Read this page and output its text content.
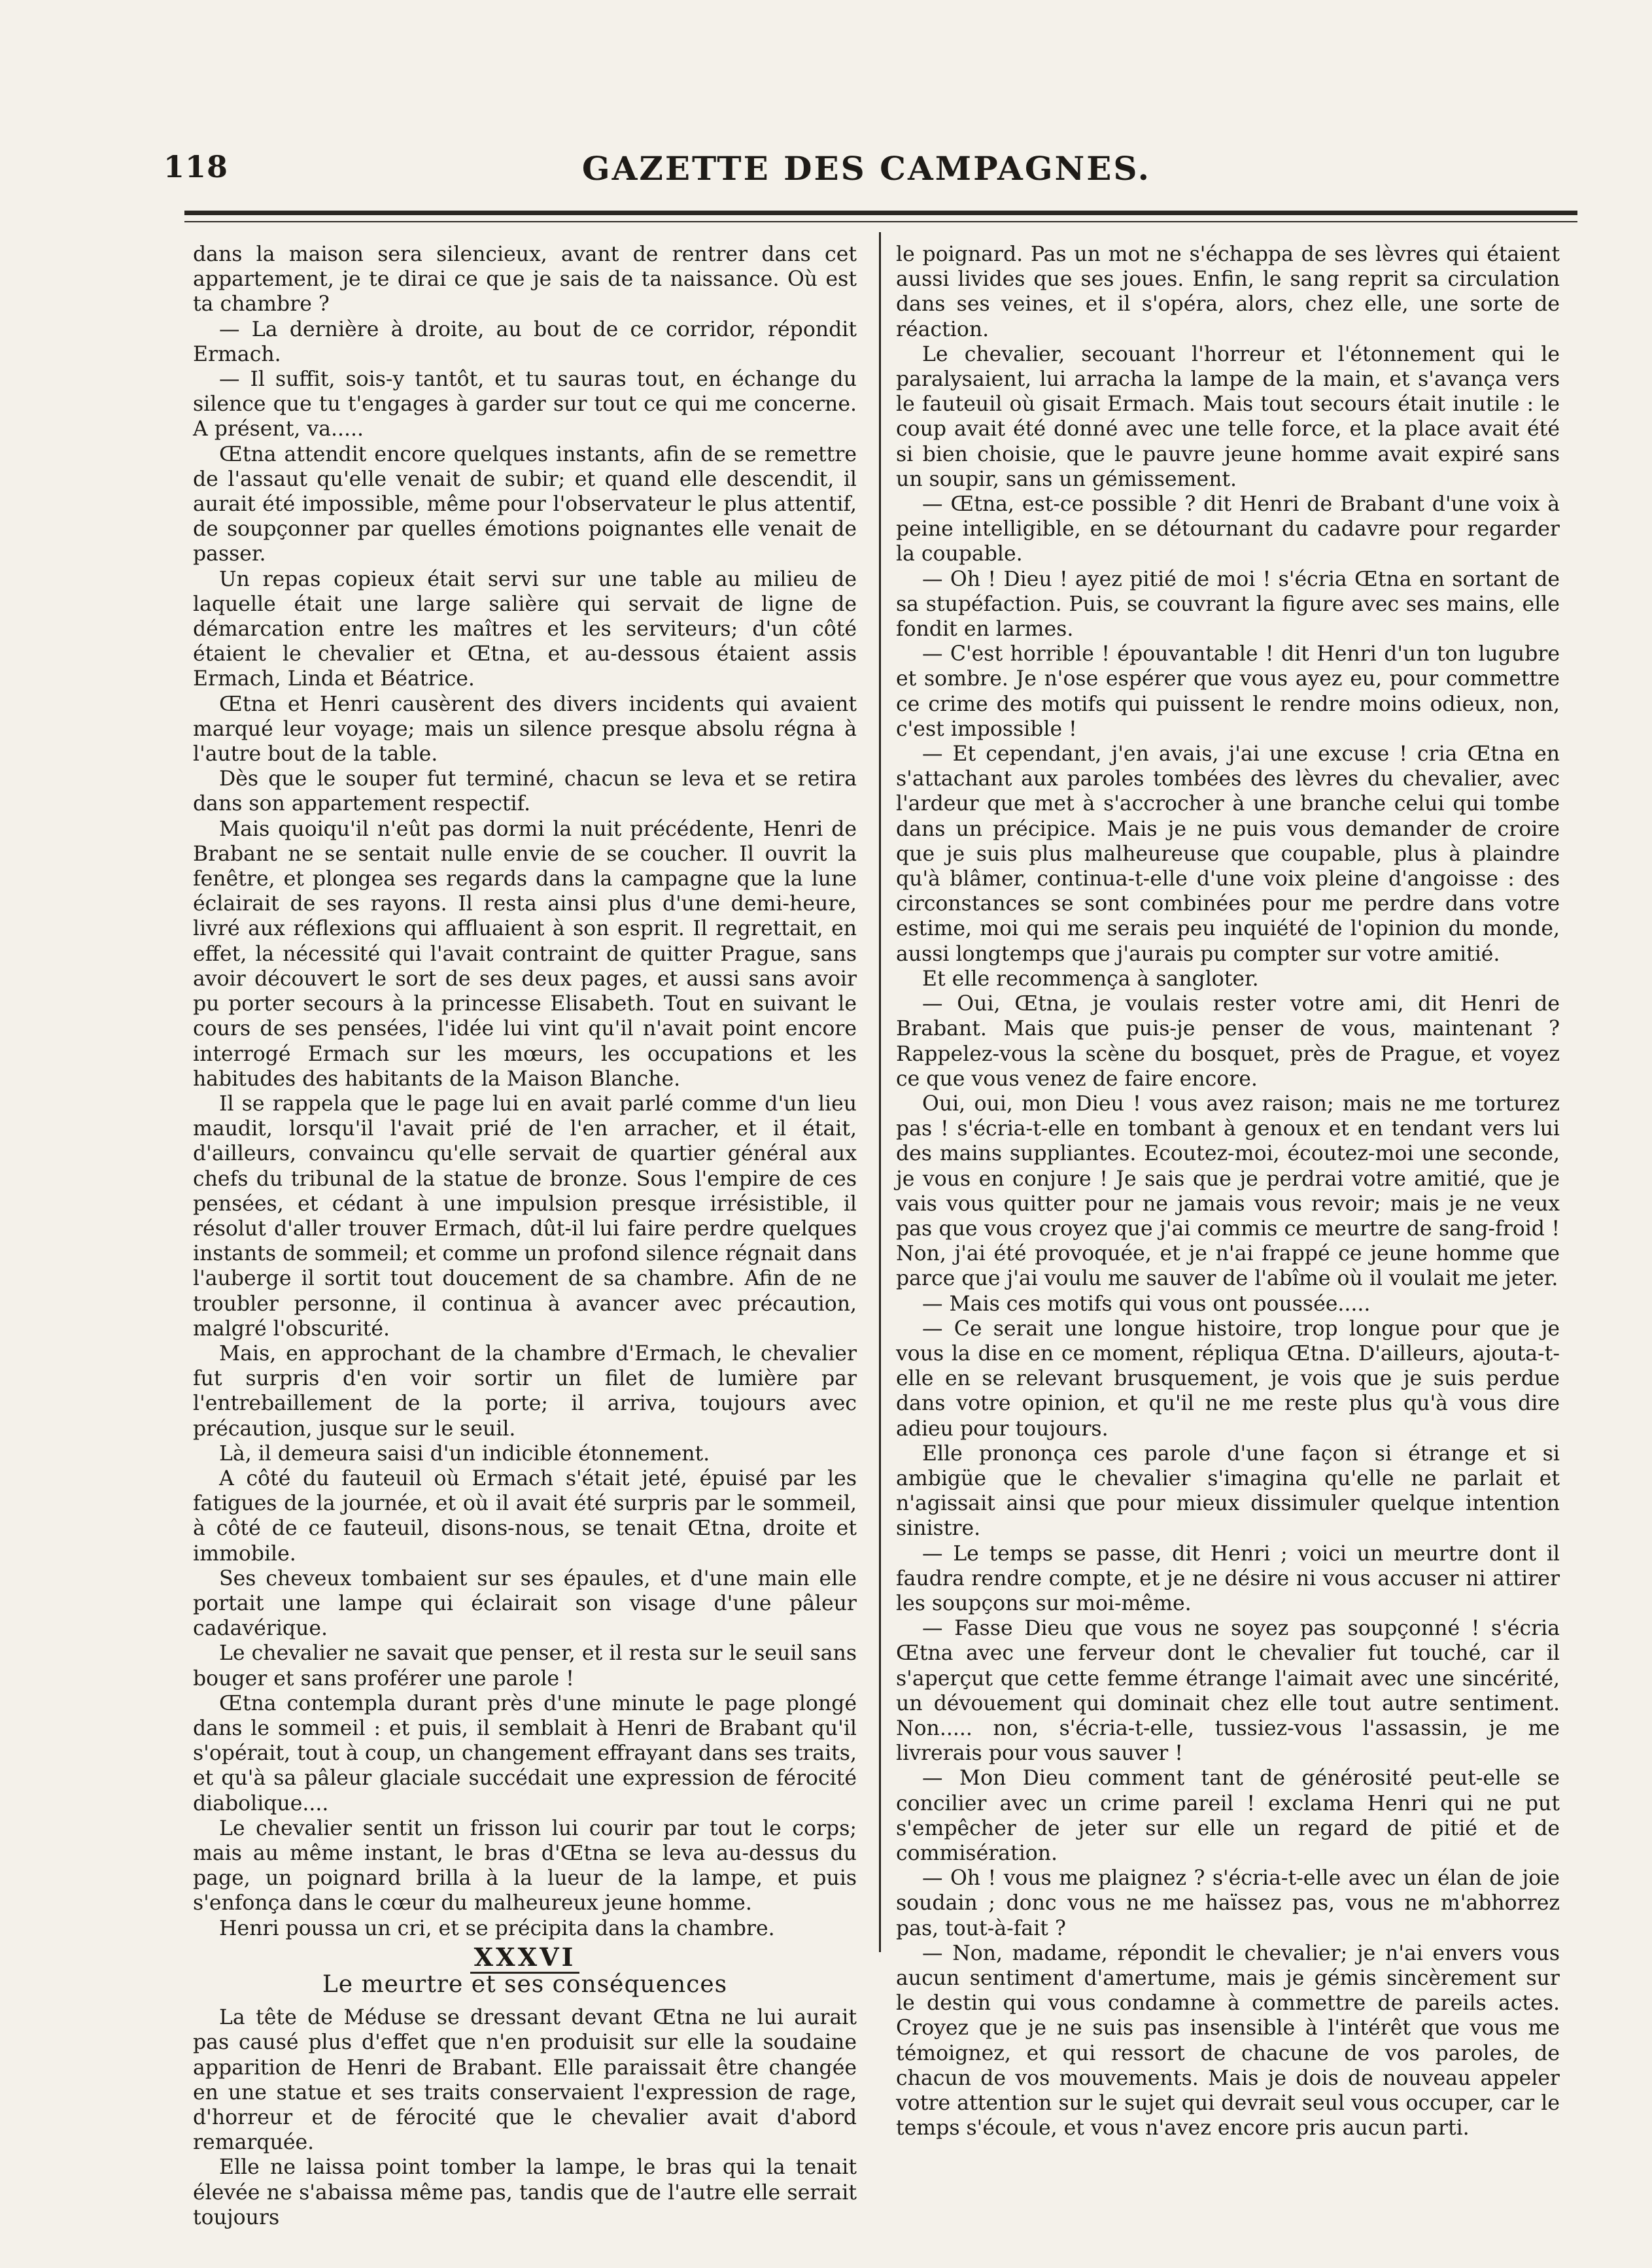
118	GAZETTE DES CAMPAGNES.

dans la maison sera silencieux, avant de rentrer dans cet appartement, je te dirai ce que je sais de ta naissance. Où est ta chambre ?

— La dernière à droite, au bout de ce corridor, répondit Ermach.

— Il suffit, sois-y tantôt, et tu sauras tout, en échange du silence que tu t'engages à garder sur tout ce qui me concerne. A présent, va.....

Œtna attendit encore quelques instants, afin de se remettre de l'assaut qu'elle venait de subir; et quand elle descendit, il aurait été impossible, même pour l'observateur le plus attentif, de soupçonner par quelles émotions poignantes elle venait de passer.

Un repas copieux était servi sur une table au milieu de laquelle était une large salière qui servait de ligne de démarcation entre les maîtres et les serviteurs; d'un côté étaient le chevalier et Œtna, et au-dessous étaient assis Ermach, Linda et Béatrice.

Œtna et Henri causèrent des divers incidents qui avaient marqué leur voyage; mais un silence presque absolu régna à l'autre bout de la table.

Dès que le souper fut terminé, chacun se leva et se retira dans son appartement respectif.

Mais quoiqu'il n'eût pas dormi la nuit précédente, Henri de Brabant ne se sentait nulle envie de se coucher. Il ouvrit la fenêtre, et plongea ses regards dans la campagne que la lune éclairait de ses rayons. Il resta ainsi plus d'une demi-heure, livré aux réflexions qui affluaient à son esprit. Il regrettait, en effet, la nécessité qui l'avait contraint de quitter Prague, sans avoir découvert le sort de ses deux pages, et aussi sans avoir pu porter secours à la princesse Elisabeth. Tout en suivant le cours de ses pensées, l'idée lui vint qu'il n'avait point encore interrogé Ermach sur les mœurs, les occupations et les habitudes des habitants de la Maison Blanche.

Il se rappela que le page lui en avait parlé comme d'un lieu maudit, lorsqu'il l'avait prié de l'en arracher, et il était, d'ailleurs, convaincu qu'elle servait de quartier général aux chefs du tribunal de la statue de bronze. Sous l'empire de ces pensées, et cédant à une impulsion presque irrésistible, il résolut d'aller trouver Ermach, dût-il lui faire perdre quelques instants de sommeil; et comme un profond silence régnait dans l'auberge il sortit tout doucement de sa chambre. Afin de ne troubler personne, il continua à avancer avec précaution, malgré l'obscurité.

Mais, en approchant de la chambre d'Ermach, le chevalier fut surpris d'en voir sortir un filet de lumière par l'entrebaillement de la porte; il arriva, toujours avec précaution, jusque sur le seuil.

Là, il demeura saisi d'un indicible étonnement.

A côté du fauteuil où Ermach s'était jeté, épuisé par les fatigues de la journée, et où il avait été surpris par le sommeil, à côté de ce fauteuil, disons-nous, se tenait Œtna, droite et immobile.

Ses cheveux tombaient sur ses épaules, et d'une main elle portait une lampe qui éclairait son visage d'une pâleur cadavérique.

Le chevalier ne savait que penser, et il resta sur le seuil sans bouger et sans proférer une parole !

Œtna contempla durant près d'une minute le page plongé dans le sommeil : et puis, il semblait à Henri de Brabant qu'il s'opérait, tout à coup, un changement effrayant dans ses traits, et qu'à sa pâleur glaciale succédait une expression de férocité diabolique....

Le chevalier sentit un frisson lui courir par tout le corps; mais au même instant, le bras d'Œtna se leva au-dessus du page, un poignard brilla à la lueur de la lampe, et puis s'enfonça dans le cœur du malheureux jeune homme.

Henri poussa un cri, et se précipita dans la chambre.

XXXVI

Le meurtre et ses conséquences

La tête de Méduse se dressant devant Œtna ne lui aurait pas causé plus d'effet que n'en produisit sur elle la soudaine apparition de Henri de Brabant. Elle paraissait être changée en une statue et ses traits conservaient l'expression de rage, d'horreur et de férocité que le chevalier avait d'abord remarquée.

Elle ne laissa point tomber la lampe, le bras qui la tenait élevée ne s'abaissa même pas, tandis que de l'autre elle serrait toujours

le poignard. Pas un mot ne s'échappa de ses lèvres qui étaient aussi livides que ses joues. Enfin, le sang reprit sa circulation dans ses veines, et il s'opéra, alors, chez elle, une sorte de réaction.

Le chevalier, secouant l'horreur et l'étonnement qui le paralysaient, lui arracha la lampe de la main, et s'avança vers le fauteuil où gisait Ermach. Mais tout secours était inutile : le coup avait été donné avec une telle force, et la place avait été si bien choisie, que le pauvre jeune homme avait expiré sans un soupir, sans un gémissement.

— Œtna, est-ce possible ? dit Henri de Brabant d'une voix à peine intelligible, en se détournant du cadavre pour regarder la coupable.

— Oh ! Dieu ! ayez pitié de moi ! s'écria Œtna en sortant de sa stupéfaction. Puis, se couvrant la figure avec ses mains, elle fondit en larmes.

— C'est horrible ! épouvantable ! dit Henri d'un ton lugubre et sombre. Je n'ose espérer que vous ayez eu, pour commettre ce crime des motifs qui puissent le rendre moins odieux, non, c'est impossible !

— Et cependant, j'en avais, j'ai une excuse ! cria Œtna en s'attachant aux paroles tombées des lèvres du chevalier, avec l'ardeur que met à s'accrocher à une branche celui qui tombe dans un précipice. Mais je ne puis vous demander de croire que je suis plus malheureuse que coupable, plus à plaindre qu'à blâmer, continua-t-elle d'une voix pleine d'angoisse : des circonstances se sont combinées pour me perdre dans votre estime, moi qui me serais peu inquiété de l'opinion du monde, aussi longtemps que j'aurais pu compter sur votre amitié.

Et elle recommença à sangloter.

— Oui, Œtna, je voulais rester votre ami, dit Henri de Brabant. Mais que puis-je penser de vous, maintenant ? Rappelez-vous la scène du bosquet, près de Prague, et voyez ce que vous venez de faire encore.

Oui, oui, mon Dieu ! vous avez raison; mais ne me torturez pas ! s'écria-t-elle en tombant à genoux et en tendant vers lui des mains suppliantes. Ecoutez-moi, écoutez-moi une seconde, je vous en conjure ! Je sais que je perdrai votre amitié, que je vais vous quitter pour ne jamais vous revoir; mais je ne veux pas que vous croyez que j'ai commis ce meurtre de sang-froid ! Non, j'ai été provoquée, et je n'ai frappé ce jeune homme que parce que j'ai voulu me sauver de l'abîme où il voulait me jeter.

— Mais ces motifs qui vous ont poussée.....

— Ce serait une longue histoire, trop longue pour que je vous la dise en ce moment, répliqua Œtna. D'ailleurs, ajouta-t-elle en se relevant brusquement, je vois que je suis perdue dans votre opinion, et qu'il ne me reste plus qu'à vous dire adieu pour toujours.

Elle prononça ces parole d'une façon si étrange et si ambigüe que le chevalier s'imagina qu'elle ne parlait et n'agissait ainsi que pour mieux dissimuler quelque intention sinistre.

— Le temps se passe, dit Henri ; voici un meurtre dont il faudra rendre compte, et je ne désire ni vous accuser ni attirer les soupçons sur moi-même.

— Fasse Dieu que vous ne soyez pas soupçonné ! s'écria Œtna avec une ferveur dont le chevalier fut touché, car il s'aperçut que cette femme étrange l'aimait avec une sincérité, un dévouement qui dominait chez elle tout autre sentiment. Non..... non, s'écria-t-elle, tussiez-vous l'assassin, je me livrerais pour vous sauver !

— Mon Dieu comment tant de générosité peut-elle se concilier avec un crime pareil ! exclama Henri qui ne put s'empêcher de jeter sur elle un regard de pitié et de commisération.

— Oh ! vous me plaignez ? s'écria-t-elle avec un élan de joie soudain ; donc vous ne me haïssez pas, vous ne m'abhorrez pas, tout-à-fait ?

— Non, madame, répondit le chevalier; je n'ai envers vous aucun sentiment d'amertume, mais je gémis sincèrement sur le destin qui vous condamne à commettre de pareils actes. Croyez que je ne suis pas insensible à l'intérêt que vous me témoignez, et qui ressort de chacune de vos paroles, de chacun de vos mouvements. Mais je dois de nouveau appeler votre attention sur le sujet qui devrait seul vous occuper, car le temps s'écoule, et vous n'avez encore pris aucun parti.
